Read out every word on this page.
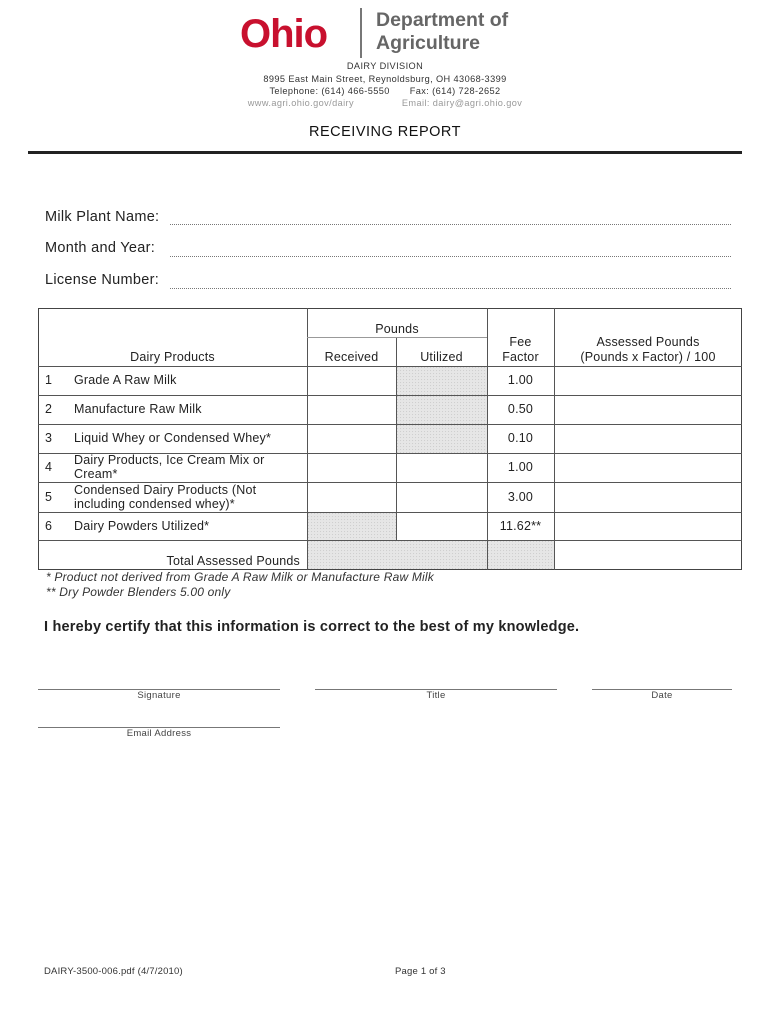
Ohio	Department of
Agriculture
DAIRY DIVISION
8995 East Main Street, Reynoldsburg, OH 43068-3399
Telephone: (614) 466-5550 Fax: (614) 728-2652
www.agri.ohio.gov/dairy	Email: dairy@agri.ohio.gov
RECEIVING REPORT
Milk Plant Name:
Month and Year:
License Number:
Pounds
Dairy Products	Received	Utilized
Fee
Factor
Assessed Pounds
(Pounds x Factor) / 100
1 Grade A Raw Milk	1.00
2 Manufacture Raw Milk	0.50
3 Liquid Whey or Condensed Whey*	0.10
4 Dairy Products, Ice Cream Mix or
Cream*	1.00
5 Condensed Dairy Products (Not
including condensed whey)*	3.00
6 Dairy Powders Utilized*	11.62**
Total Assessed Pounds
* Product not derived from Grade A Raw Milk or Manufacture Raw Milk
** Dry Powder Blenders 5.00 only
I hereby certify that this information is correct to the best of my knowledge.
Signature	Title	Date
Email Address
DAIRY-3500-006.pdf (4/7/2010)	Page 1 of 3
